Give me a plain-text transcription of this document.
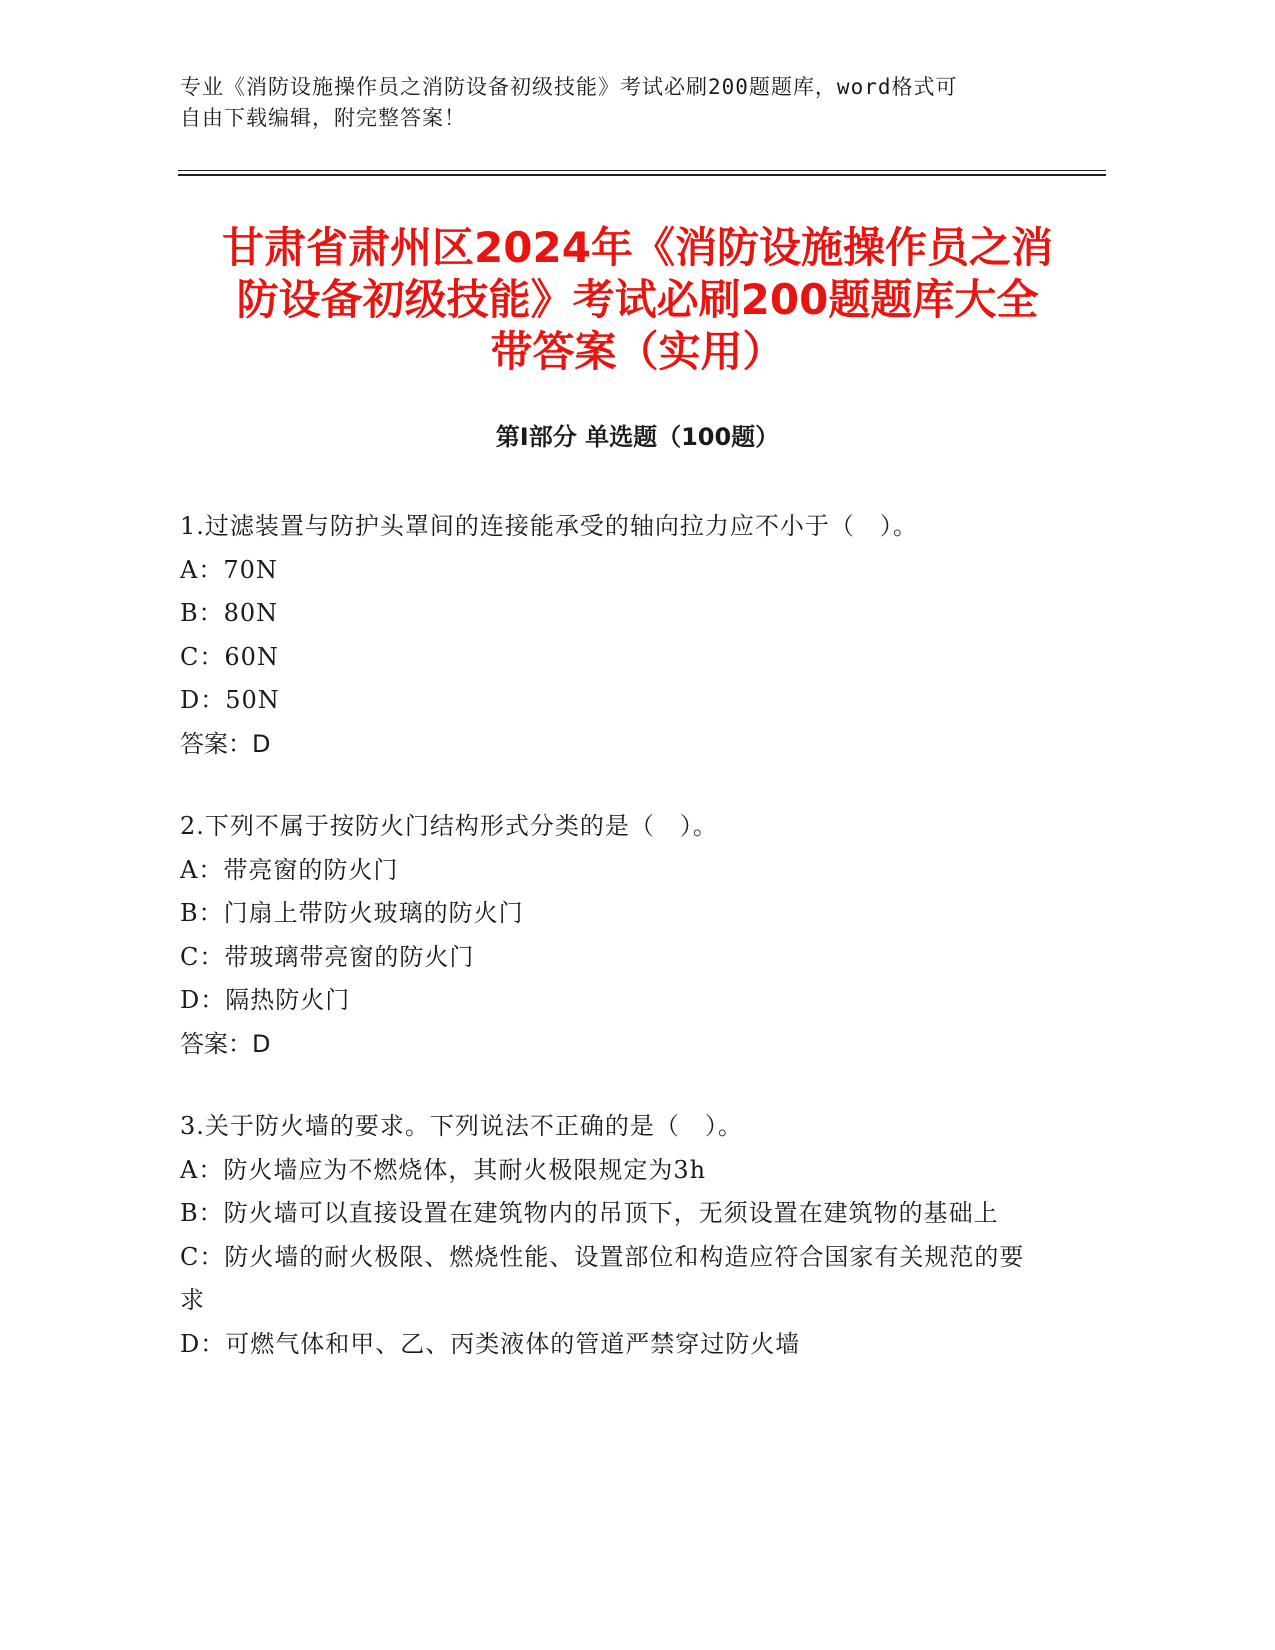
专业《消防设施操作员之消防设备初级技能》考试必刷200题题库，word格式可
自由下载编辑，附完整答案！
甘肃省肃州区2024年《消防设施操作员之消
防设备初级技能》考试必刷200题题库大全
带答案（实用）
第I部分 单选题（100题）

1.过滤装置与防护头罩间的连接能承受的轴向拉力应不小于（　）。

A：70N

B：80N

C：60N

D：50N

答案：D

2.下列不属于按防火门结构形式分类的是（　）。

A：带亮窗的防火门

B：门扇上带防火玻璃的防火门

C：带玻璃带亮窗的防火门

D：隔热防火门

答案：D

3.关于防火墙的要求。下列说法不正确的是（　）。

A：防火墙应为不燃烧体，其耐火极限规定为3h

B：防火墙可以直接设置在建筑物内的吊顶下，无须设置在建筑物的基础上

C：防火墙的耐火极限、燃烧性能、设置部位和构造应符合国家有关规范的要求

D：可燃气体和甲、乙、丙类液体的管道严禁穿过防火墙
